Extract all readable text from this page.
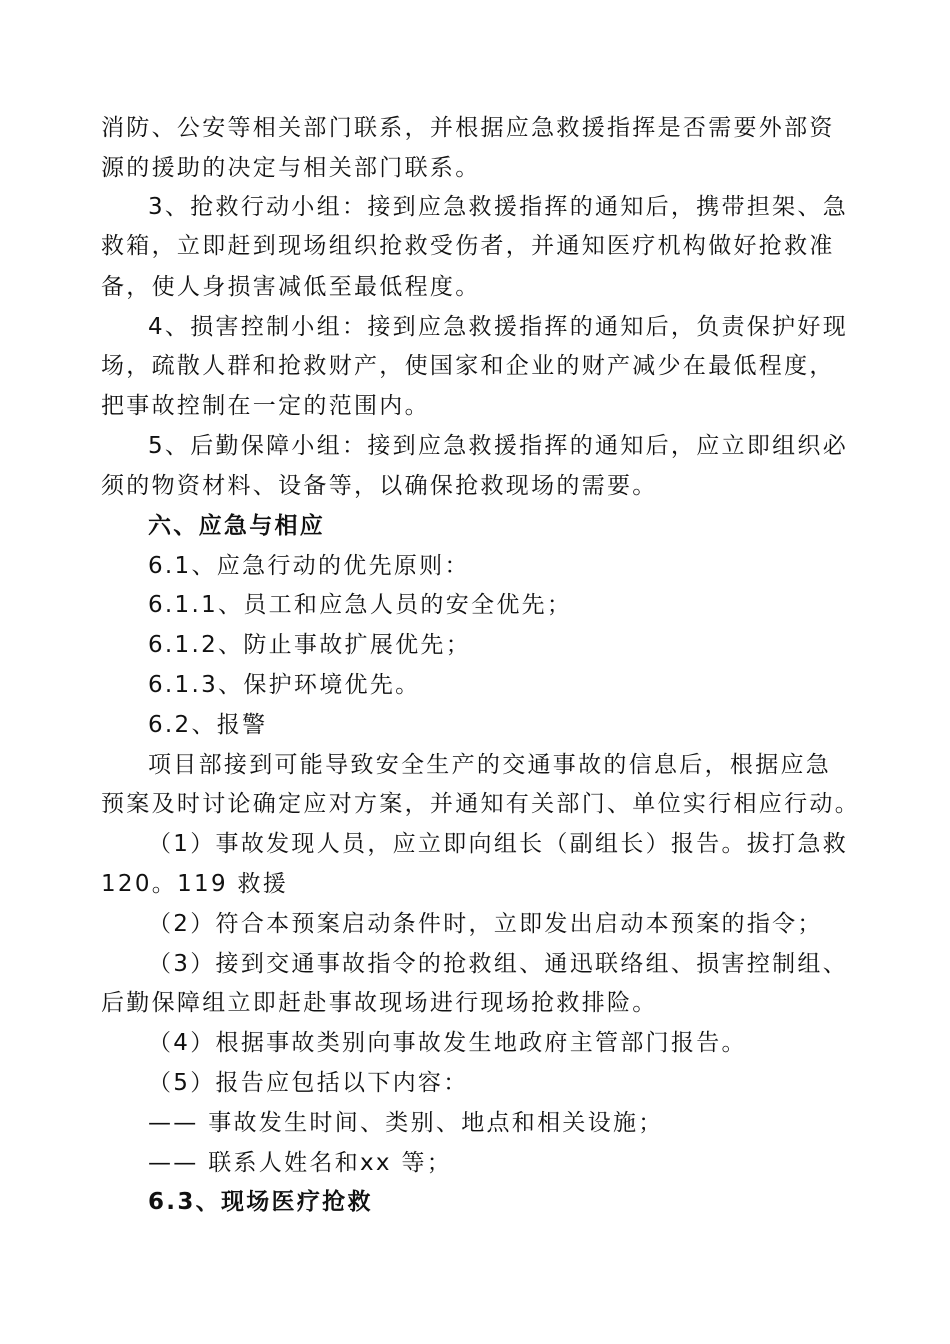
消防、公安等相关部门联系，并根据应急救援指挥是否需要外部资
源的援助的决定与相关部门联系。
3、抢救行动小组：接到应急救援指挥的通知后，携带担架、急
救箱，立即赶到现场组织抢救受伤者，并通知医疗机构做好抢救准
备，使人身损害减低至最低程度。
4、损害控制小组：接到应急救援指挥的通知后，负责保护好现
场，疏散人群和抢救财产，使国家和企业的财产减少在最低程度，
把事故控制在一定的范围内。
5、后勤保障小组：接到应急救援指挥的通知后，应立即组织必
须的物资材料、设备等，以确保抢救现场的需要。
六、应急与相应
6.1、应急行动的优先原则：
6.1.1、员工和应急人员的安全优先；
6.1.2、防止事故扩展优先；
6.1.3、保护环境优先。
6.2、报警
项目部接到可能导致安全生产的交通事故的信息后，根据应急
预案及时讨论确定应对方案，并通知有关部门、单位实行相应行动。
（1）事故发现人员，应立即向组长（副组长）报告。拔打急救
120。119 救援
（2）符合本预案启动条件时，立即发出启动本预案的指令；
（3）接到交通事故指令的抢救组、通迅联络组、损害控制组、
后勤保障组立即赶赴事故现场进行现场抢救排险。
（4）根据事故类别向事故发生地政府主管部门报告。
（5）报告应包括以下内容：
—— 事故发生时间、类别、地点和相关设施；
—— 联系人姓名和xx 等；
6.3、现场医疗抢救
